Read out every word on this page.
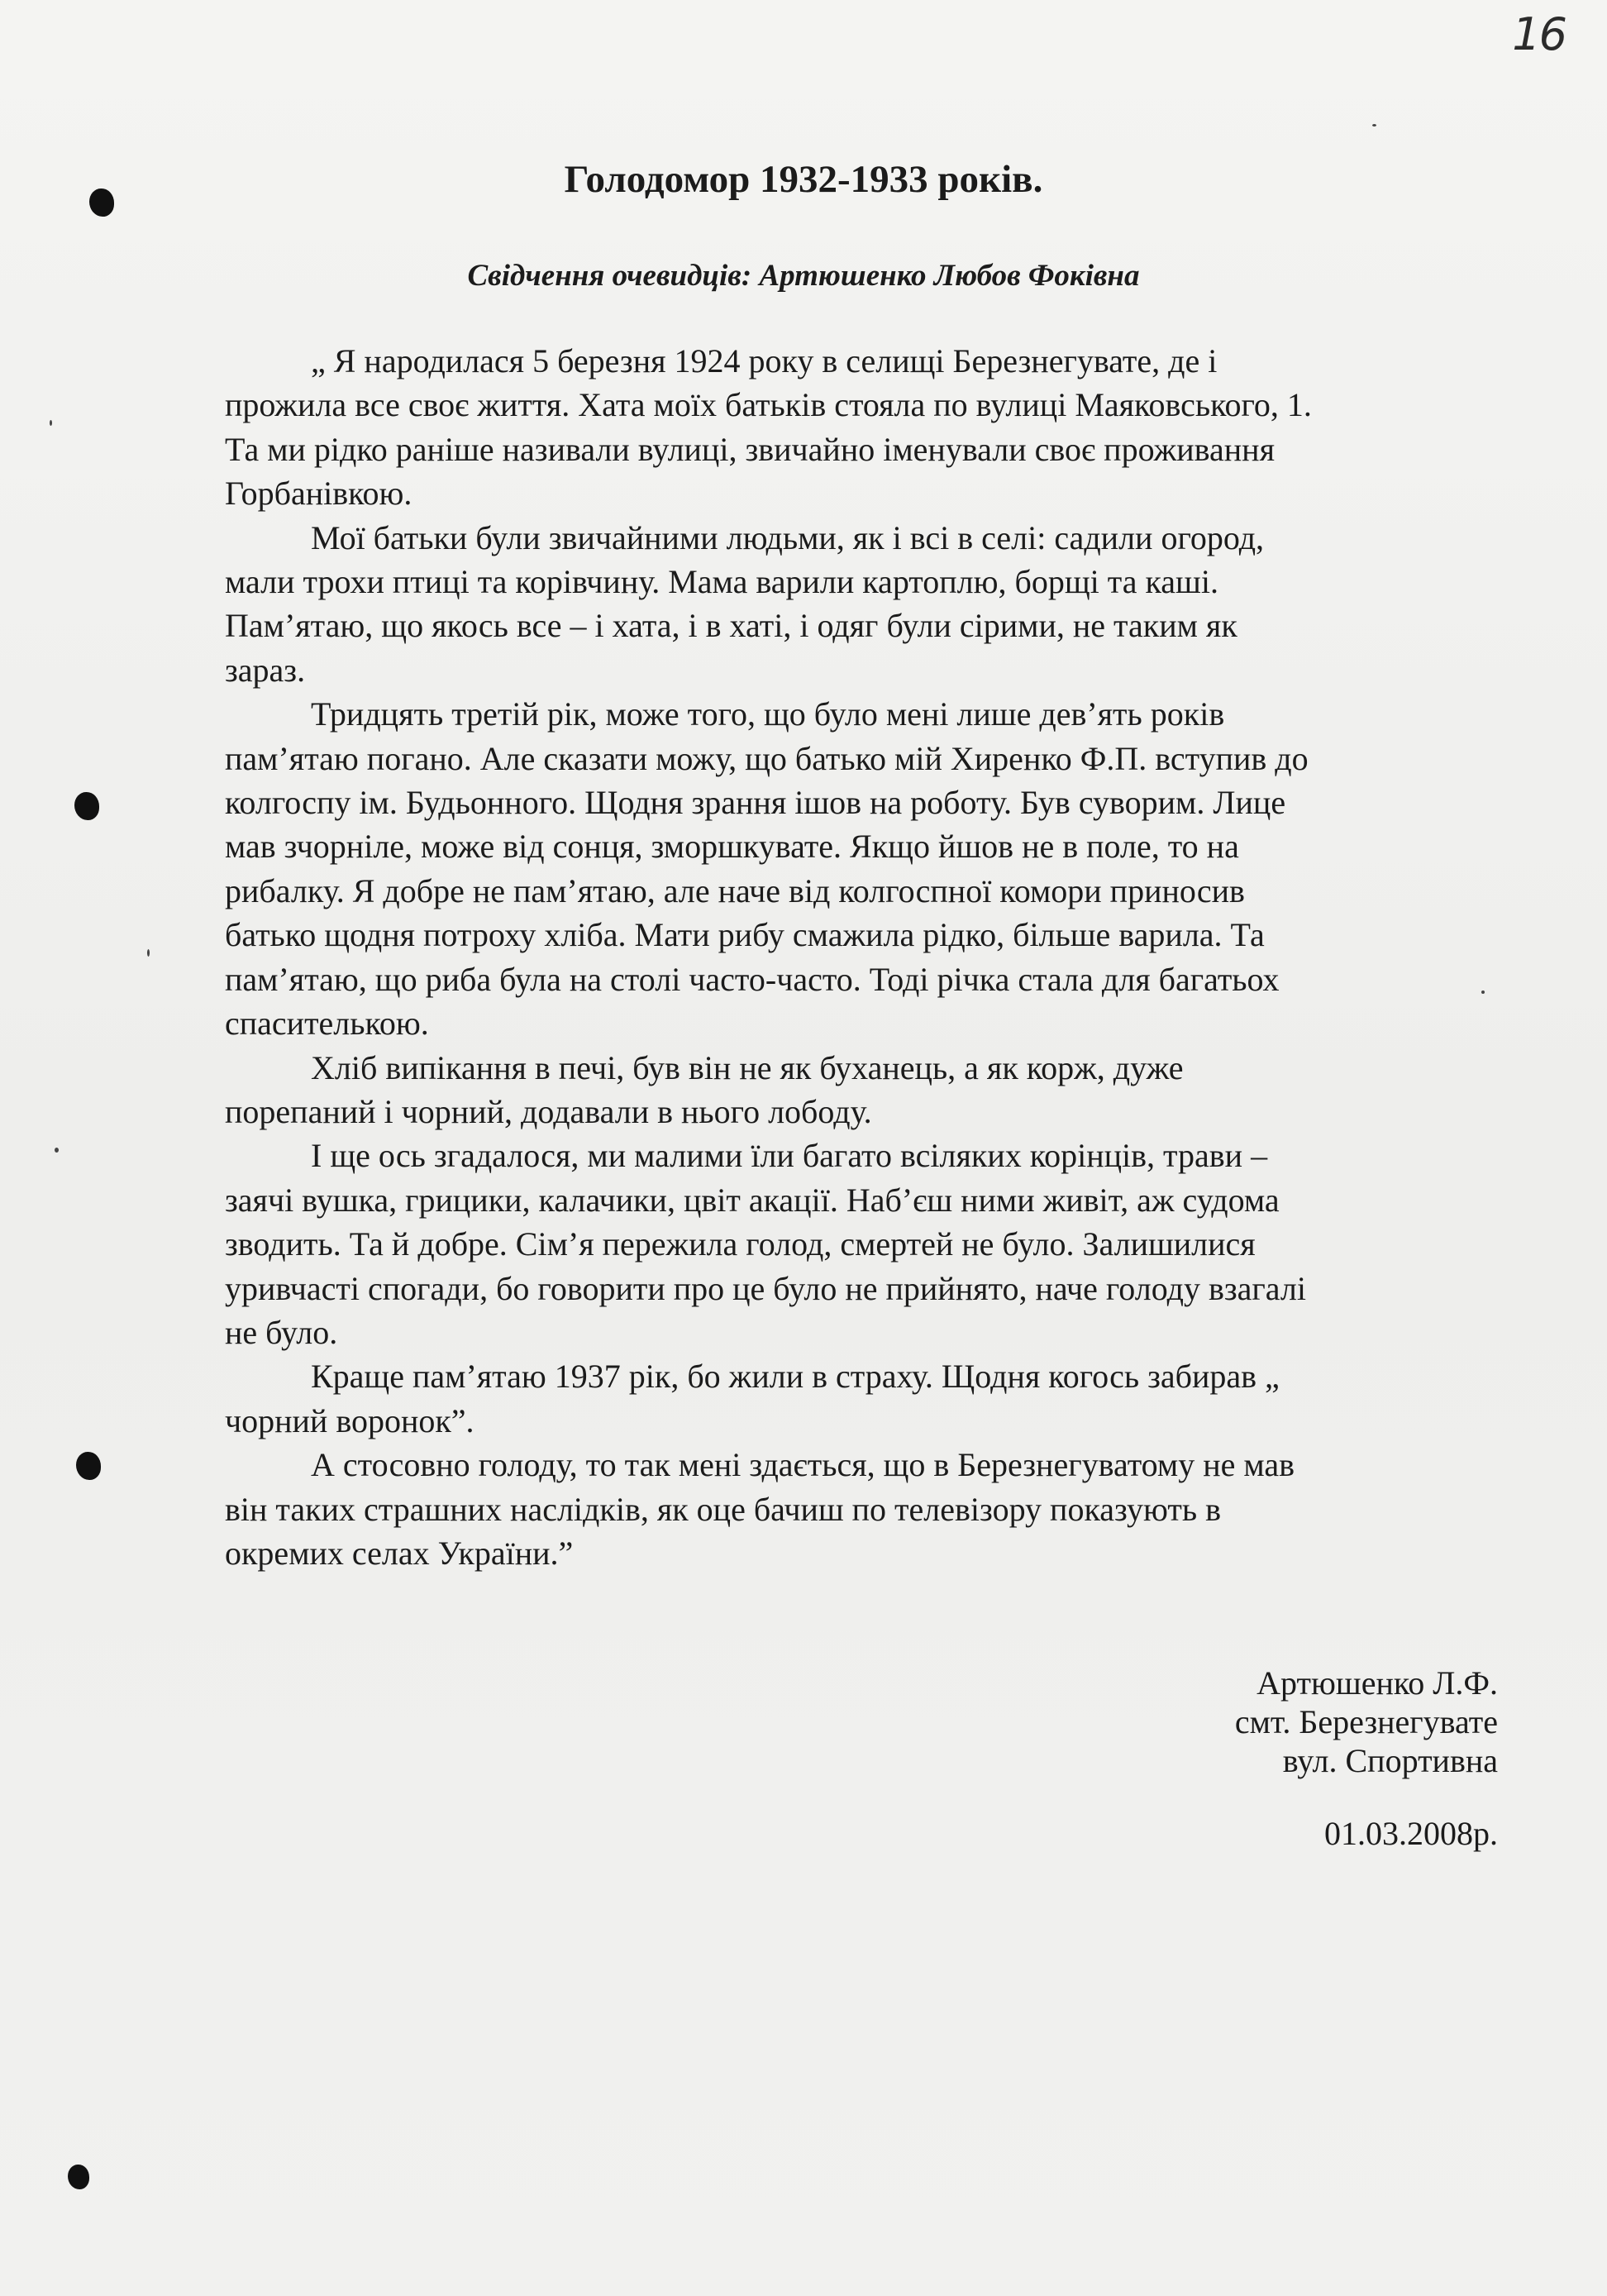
16
Голодомор 1932-1933 років.
Свідчення очевидців: Артюшенко Любов Фоківна

„ Я народилася 5 березня 1924 року в селищі Березнегувате, де і
прожила все своє життя. Хата моїх батьків стояла по вулиці Маяковського, 1.
Та ми рідко раніше називали вулиці, звичайно іменували своє проживання
Горбанівкою.

Мої батьки були звичайними людьми, як і всі в селі: садили огород,
мали трохи птиці та корівчину. Мама варили картоплю, борщі та каші.
Пам’ятаю, що якось все – і хата, і в хаті, і одяг були сірими, не таким як
зараз.

Тридцять третій рік, може того, що було мені лише дев’ять років
пам’ятаю погано. Але сказати можу, що батько мій Хиренко Ф.П. вступив до
колгоспу ім. Будьонного. Щодня зрання ішов на роботу. Був суворим. Лице
мав зчорніле, може від сонця, зморшкувате. Якщо йшов не в поле, то на
рибалку. Я добре не пам’ятаю, але наче від колгоспної комори приносив
батько щодня потроху хліба. Мати рибу смажила рідко, більше варила. Та
пам’ятаю, що риба була на столі часто-часто. Тоді річка стала для багатьох
спасителькою.

Хліб випікання в печі, був він не як буханець, а як корж, дуже
порепаний і чорний, додавали в нього лободу.

І ще ось згадалося, ми малими їли багато всіляких корінців, трави –
заячі вушка, грицики, калачики, цвіт акації. Наб’єш ними живіт, аж судома
зводить. Та й добре. Сім’я пережила голод, смертей не було. Залишилися
уривчасті спогади, бо говорити про це було не прийнято, наче голоду взагалі
не було.

Краще пам’ятаю 1937 рік, бо жили в страху. Щодня когось забирав „
чорний воронок”.

А стосовно голоду, то так мені здається, що в Березнегуватому не мав
він таких страшних наслідків, як оце бачиш по телевізору показують в
окремих селах України.”

Артюшенко Л.Ф.
смт. Березнегувате
вул. Спортивна
01.03.2008р.
